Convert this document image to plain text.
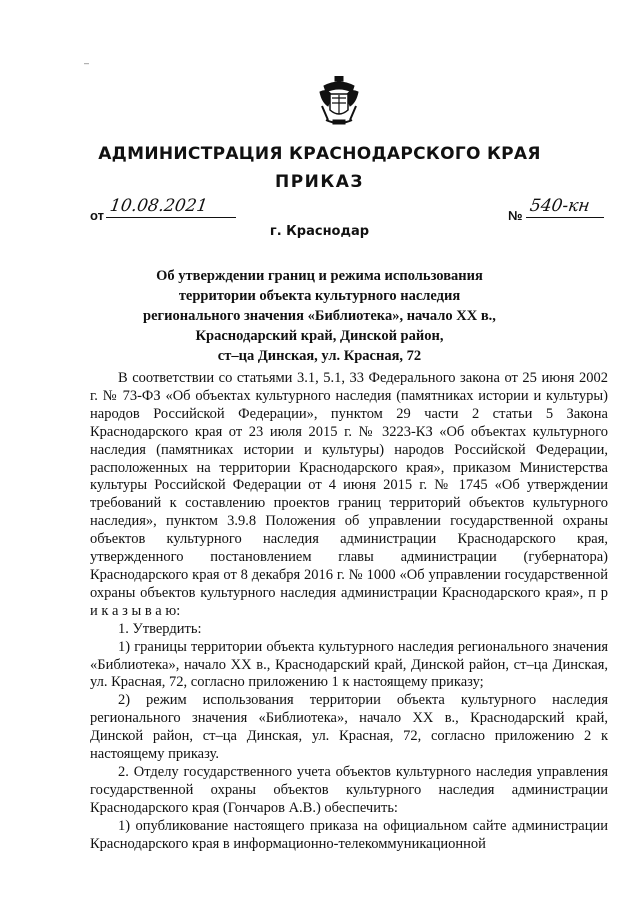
–
АДМИНИСТРАЦИЯ КРАСНОДАРСКОГО КРАЯ
ПРИКАЗ
от 10.08.2021	№ 540-кн
г. Краснодар
Об утверждении границ и режима использования
территории объекта культурного наследия
регионального значения «Библиотека», начало XX в.,
Краснодарский край, Динской район,
ст–ца Динская, ул. Красная, 72

В соответствии со статьями 3.1, 5.1, 33 Федерального закона от 25 июня 2002 г. № 73-ФЗ «Об объектах культурного наследия (памятниках истории и культуры) народов Российской Федерации», пунктом 29 части 2 статьи 5 Закона Краснодарского края от 23 июля 2015 г. № 3223-КЗ «Об объектах культурного наследия (памятниках истории и культуры) народов Российской Федерации, расположенных на территории Краснодарского края», приказом Министерства культуры Российской Федерации от 4 июня 2015 г. № 1745 «Об утверждении требований к составлению проектов границ территорий объектов культурного наследия», пунктом 3.9.8 Положения об управлении государственной охраны объектов культурного наследия администрации Краснодарского края, утвержденного постановлением главы администрации (губернатора) Краснодарского края от 8 декабря 2016 г. № 1000 «Об управлении государственной охраны объектов культурного наследия администрации Краснодарского края», п р и к а з ы в а ю:

1. Утвердить:

1) границы территории объекта культурного наследия регионального значения «Библиотека», начало XX в., Краснодарский край, Динской район, ст–ца Динская, ул. Красная, 72, согласно приложению 1 к настоящему приказу;

2) режим использования территории объекта культурного наследия регионального значения «Библиотека», начало XX в., Краснодарский край, Динской район, ст–ца Динская, ул. Красная, 72, согласно приложению 2 к настоящему приказу.

2. Отделу государственного учета объектов культурного наследия управления государственной охраны объектов культурного наследия администрации Краснодарского края (Гончаров А.В.) обеспечить:

1) опубликование настоящего приказа на официальном сайте администрации Краснодарского края в информационно-телекоммуникационной
